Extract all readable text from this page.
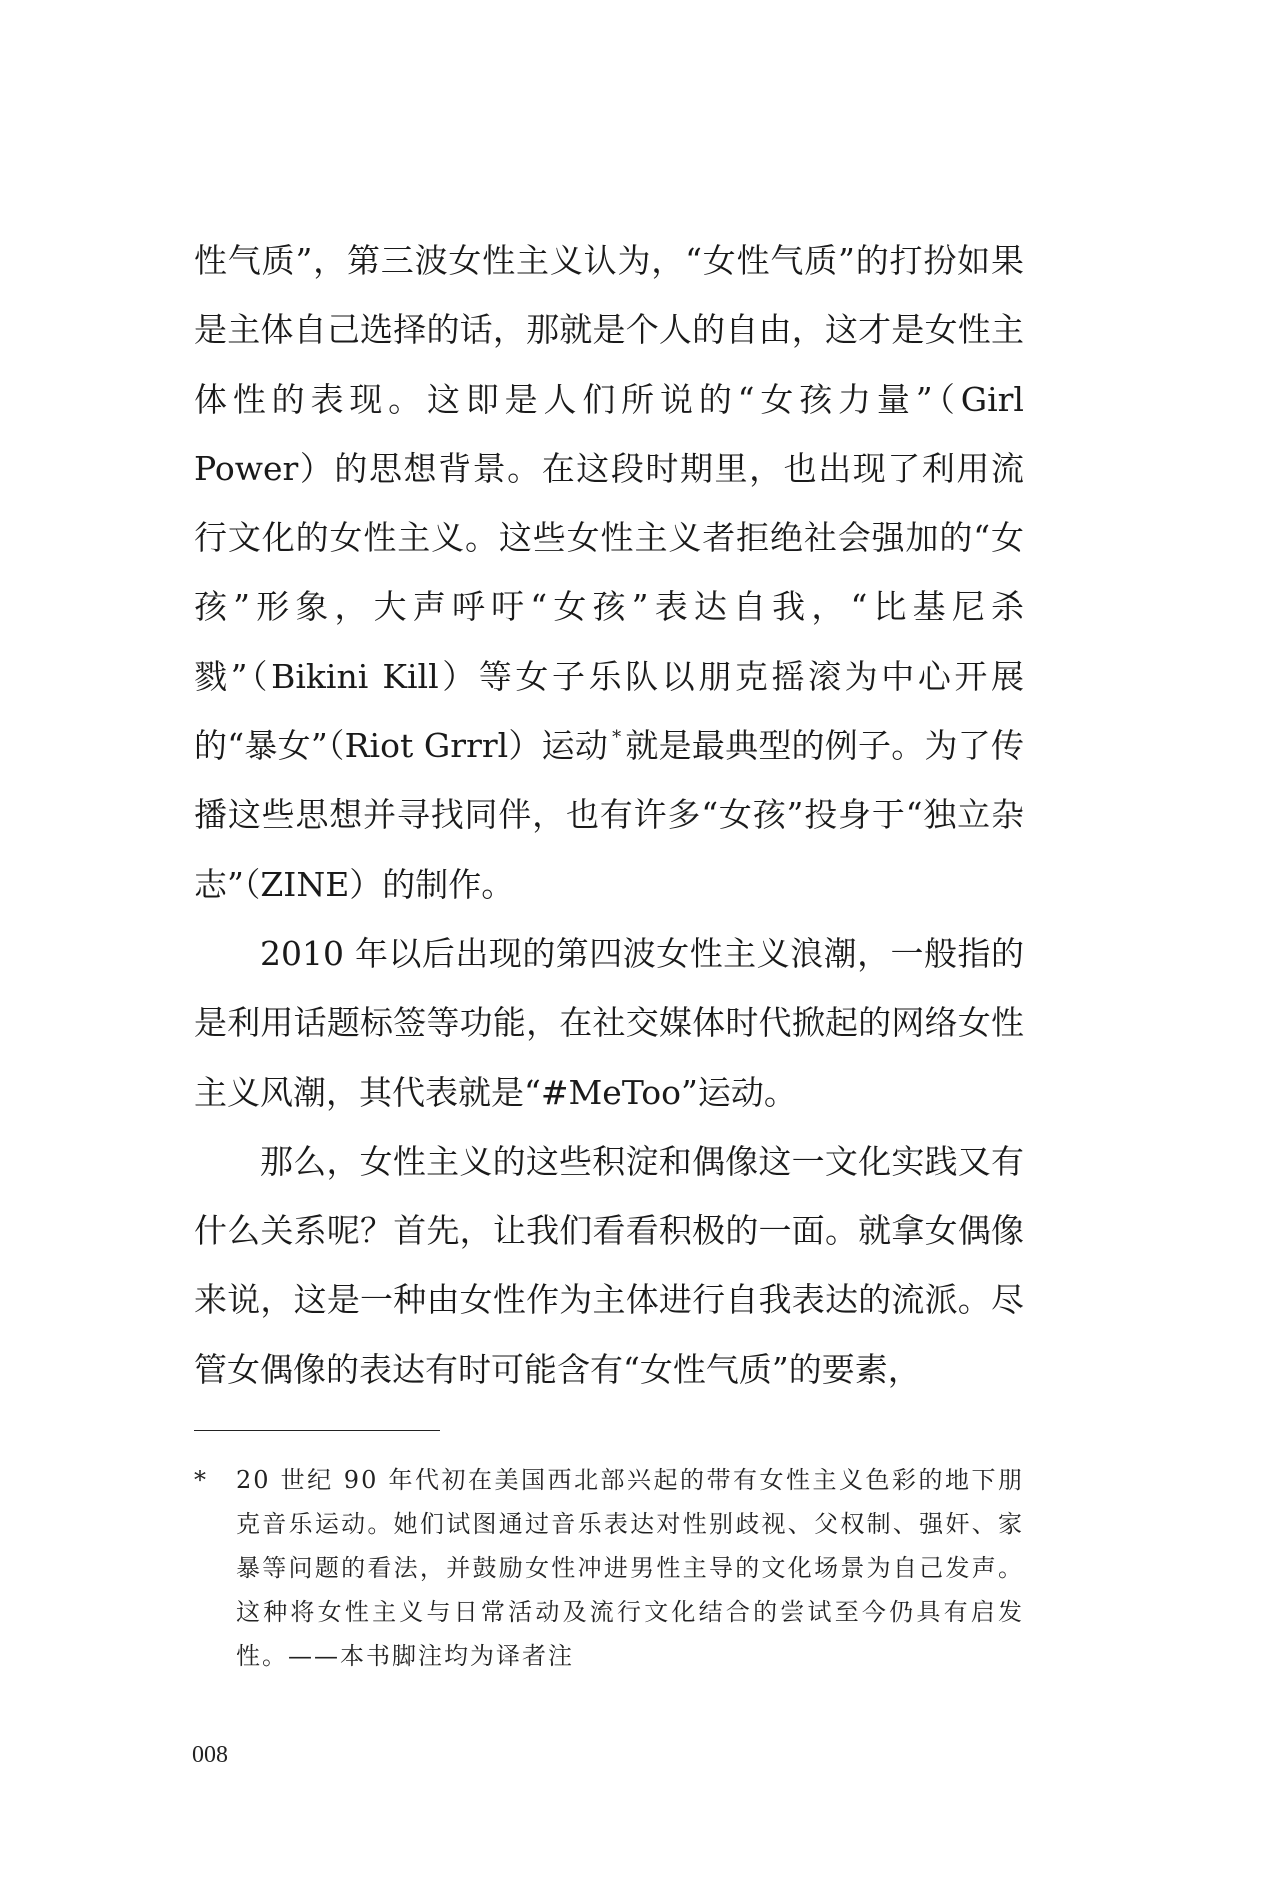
性气质”，第三波女性主义认为，“女性气质”的打扮如果是主体自己选择的话，那就是个人的自由，这才是女性主体性的表现。这即是人们所说的“女孩力量”（Girl Power）的思想背景。在这段时期里，也出现了利用流行文化的女性主义。这些女性主义者拒绝社会强加的“女孩”形象，大声呼吁“女孩”表达自我，“比基尼杀戮”（Bikini Kill）等女子乐队以朋克摇滚为中心开展的“暴女”（Riot Grrrl）运动 * 就是最典型的例子。为了传播这些思想并寻找同伴，也有许多“女孩”投身于“独立杂志”（ZINE）的制作。

2010 年以后出现的第四波女性主义浪潮，一般指的是利用话题标签等功能，在社交媒体时代掀起的网络女性主义风潮，其代表就是“#MeToo”运动。

那么，女性主义的这些积淀和偶像这一文化实践又有什么关系呢？首先，让我们看看积极的一面。就拿女偶像来说，这是一种由女性作为主体进行自我表达的流派。尽管女偶像的表达有时可能含有“女性气质”的要素，

* 20 世纪 90 年代初在美国西北部兴起的带有女性主义色彩的地下朋克音乐运动。她们试图通过音乐表达对性别歧视、父权制、强奸、家暴等问题的看法，并鼓励女性冲进男性主导的文化场景为自己发声。这种将女性主义与日常活动及流行文化结合的尝试至今仍具有启发性。——本书脚注均为译者注

008
